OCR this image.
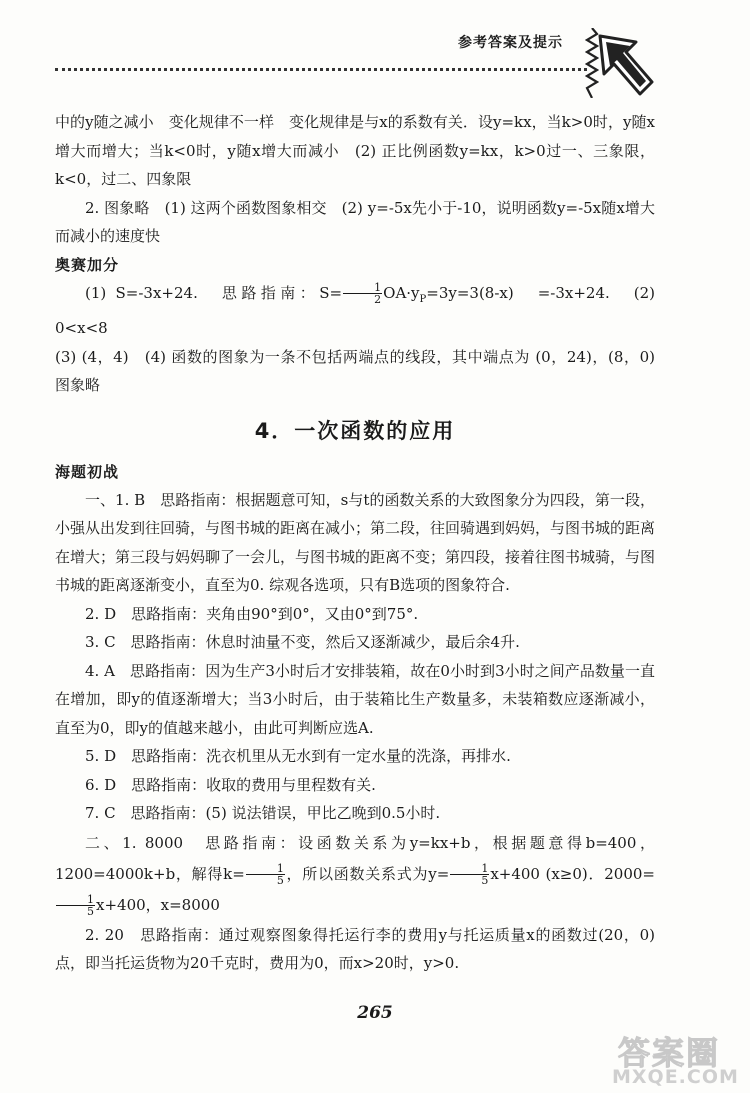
参考答案及提示

中的y随之减小　变化规律不一样　变化规律是与x的系数有关．设y=kx，当k>0时，y随x增大而增大；当k<0时，y随x增大而减小　(2) 正比例函数y=kx，k>0过一、三象限，k<0，过二、四象限

2. 图象略　(1) 这两个函数图象相交　(2) y=-5x先小于-10，说明函数y=-5x随x增大而减小的速度快

奥赛加分

(1) S=-3x+24.　思路指南：$S= \frac{1}{2} OA\cdot y_P=3y=3(8-x)$　=-3x+24.　(2) 0<x<8

(3) (4，4)　(4) 函数的图象为一条不包括两端点的线段，其中端点为 (0，24)，(8，0)　图象略

4．一次函数的应用

海题初战

一、1. B　思路指南：根据题意可知，s与t的函数关系的大致图象分为四段，第一段，小强从出发到往回骑，与图书城的距离在减小；第二段，往回骑遇到妈妈，与图书城的距离在增大；第三段与妈妈聊了一会儿，与图书城的距离不变；第四段，接着往图书城骑，与图书城的距离逐渐变小，直至为0. 综观各选项，只有B选项的图象符合.

2. D　思路指南：夹角由90°到0°，又由0°到75°.

3. C　思路指南：休息时油量不变，然后又逐渐减少，最后余4升.

4. A　思路指南：因为生产3小时后才安排装箱，故在0小时到3小时之间产品数量一直在增加，即y的值逐渐增大；当3小时后，由于装箱比生产数量多，未装箱数应逐渐减小，直至为0，即y的值越来越小，由此可判断应选A.

5. D　思路指南：洗衣机里从无水到有一定水量的洗涤，再排水.

6. D　思路指南：收取的费用与里程数有关.

7. C　思路指南：(5) 说法错误，甲比乙晚到0.5小时.

二、1. 8000　思路指南：设函数关系为y=kx+b，根据题意得b=400，1200=4000k+b，解得$k= \frac{1}{5}$ ，所以函数关系式为$y= \frac{1}{5} x+400$ (x≥0)．2000=
$\frac{1}{5} x+400$，x=8000

2. 20　思路指南：通过观察图象得托运行李的费用y与托运质量x的函数过(20，0)点，即当托运货物为20千克时，费用为0，而x>20时，y>0.

265
答案圈
MXQE.COM
